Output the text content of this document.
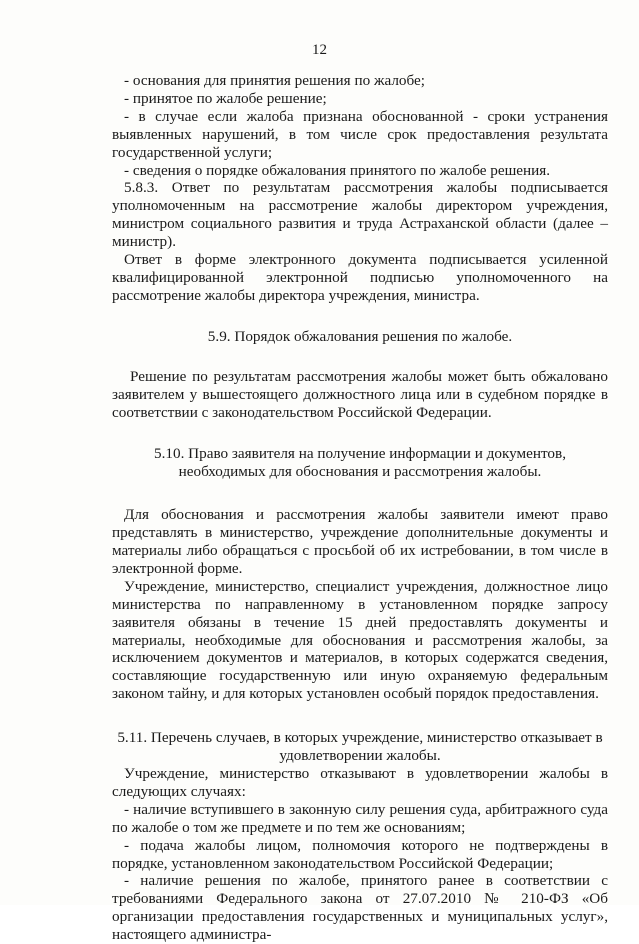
12

- основания для принятия решения по жалобе;

- принятое по жалобе решение;

- в случае если жалоба признана обоснованной - сроки устранения выявленных нарушений, в том числе срок предоставления результата государственной услуги;

- сведения о порядке обжалования принятого по жалобе решения.

5.8.3. Ответ по результатам рассмотрения жалобы подписывается уполномоченным на рассмотрение жалобы директором учреждения, министром социального развития и труда Астраханской области (далее – министр).

Ответ в форме электронного документа подписывается усиленной квалифицированной электронной подписью уполномоченного на рассмотрение жалобы директора учреждения, министра.

5.9. Порядок обжалования решения по жалобе.

Решение по результатам рассмотрения жалобы может быть обжаловано заявителем у вышестоящего должностного лица или в судебном порядке в соответствии с законодательством Российской Федерации.

5.10. Право заявителя на получение информации и документов, необходимых для обоснования и рассмотрения жалобы.

Для обоснования и рассмотрения жалобы заявители имеют право представлять в министерство, учреждение дополнительные документы и материалы либо обращаться с просьбой об их истребовании, в том числе в электронной форме.

Учреждение, министерство, специалист учреждения, должностное лицо министерства по направленному в установленном порядке запросу заявителя обязаны в течение 15 дней предоставлять документы и материалы, необходимые для обоснования и рассмотрения жалобы, за исключением документов и материалов, в которых содержатся сведения, составляющие государственную или иную охраняемую федеральным законом тайну, и для которых установлен особый порядок предоставления.

5.11. Перечень случаев, в которых учреждение, министерство отказывает в удовлетворении жалобы.

Учреждение, министерство отказывают в удовлетворении жалобы в следующих случаях:

- наличие вступившего в законную силу решения суда, арбитражного суда по жалобе о том же предмете и по тем же основаниям;

- подача жалобы лицом, полномочия которого не подтверждены в порядке, установленном законодательством Российской Федерации;

- наличие решения по жалобе, принятого ранее в соответствии с требованиями Федерального закона от 27.07.2010 № 210-ФЗ «Об организации предоставления государственных и муниципальных услуг», настоящего администра-
